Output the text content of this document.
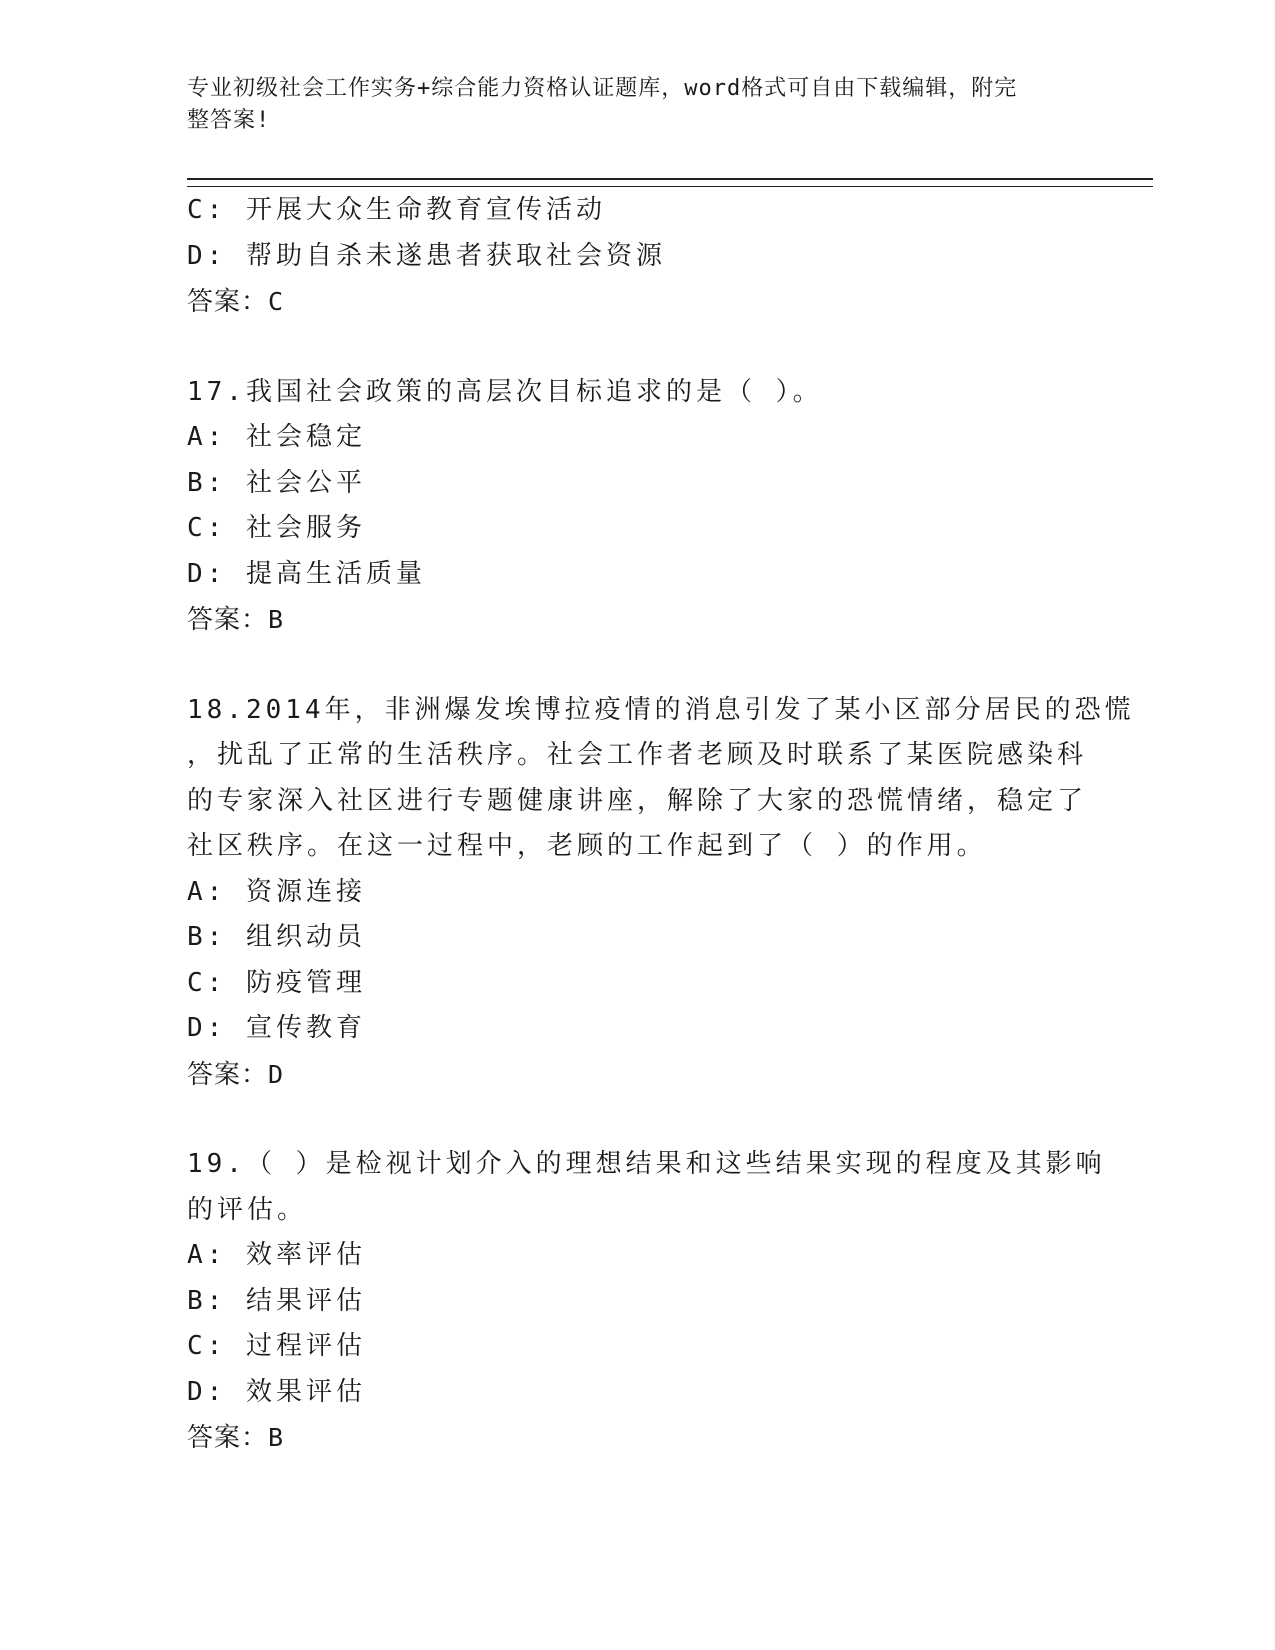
专业初级社会工作实务+综合能力资格认证题库，word格式可自由下载编辑，附完
整答案!
C: 开展大众生命教育宣传活动
D: 帮助自杀未遂患者获取社会资源
答案：C
17.我国社会政策的高层次目标追求的是（ ）。
A: 社会稳定
B: 社会公平
C: 社会服务
D: 提高生活质量
答案：B
18.2014年，非洲爆发埃博拉疫情的消息引发了某小区部分居民的恐慌
，扰乱了正常的生活秩序。社会工作者老顾及时联系了某医院感染科
的专家深入社区进行专题健康讲座，解除了大家的恐慌情绪，稳定了
社区秩序。在这一过程中，老顾的工作起到了（ ）的作用。
A: 资源连接
B: 组织动员
C: 防疫管理
D: 宣传教育
答案：D
19.（ ）是检视计划介入的理想结果和这些结果实现的程度及其影响
的评估。
A: 效率评估
B: 结果评估
C: 过程评估
D: 效果评估
答案：B
